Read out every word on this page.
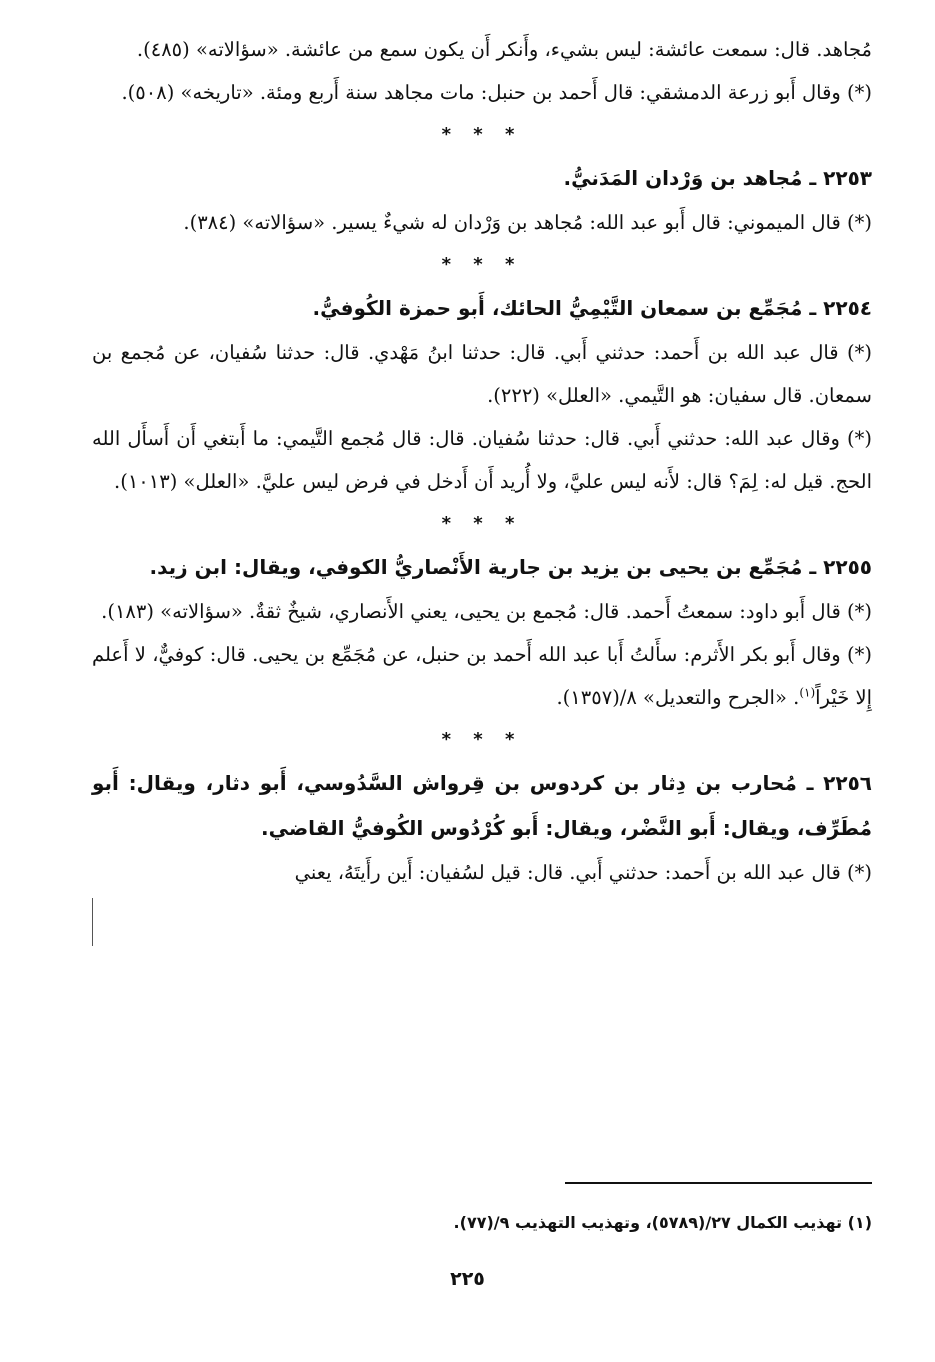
مُجاهد. قال: سمعت عائشة: ليس بشيء، وأَنكر أَن يكون سمع من عائشة. «سؤالاته» (٤٨٥).

(*) وقال أَبو زرعة الدمشقي: قال أَحمد بن حنبل: مات مجاهد سنة أَربع ومئة. «تاريخه» (٥٠٨).

* * *

٢٢٥٣ ـ مُجاهد بن وَرْدان المَدَنيُّ.

(*) قال الميموني: قال أَبو عبد الله: مُجاهد بن وَرْدان له شيءٌ يسير. «سؤالاته» (٣٨٤).

* * *

٢٢٥٤ ـ مُجَمِّع بن سمعان التَّيْمِيُّ الحائك، أَبو حمزة الكُوفيُّ.

(*) قال عبد الله بن أَحمد: حدثني أَبي. قال: حدثنا ابنُ مَهْدي. قال: حدثنا سُفيان، عن مُجمع بن سمعان. قال سفيان: هو التَّيمي. «العلل» (٢٢٢).

(*) وقال عبد الله: حدثني أَبي. قال: حدثنا سُفيان. قال: قال مُجمع التَّيمي: ما أَبتغي أَن أَسأَل الله الحج. قيل له: لِمَ؟ قال: لأَنه ليس عليَّ، ولا أُريد أَن أَدخل في فرض ليس عليَّ. «العلل» (١٠١٣).

* * *

٢٢٥٥ ـ مُجَمِّع بن يحيى بن يزيد بن جارية الأَنْصاريُّ الكوفي، ويقال: ابن زيد.

(*) قال أَبو داود: سمعتُ أَحمد. قال: مُجمع بن يحيى، يعني الأَنصاري، شيخٌ ثقةٌ. «سؤالاته» (١٨٣).

(*) وقال أَبو بكر الأَثرم: سأَلتُ أَبا عبد الله أَحمد بن حنبل، عن مُجَمِّع بن يحيى. قال: كوفيٌّ، لا أَعلم إِلا خَيْراً$^{(١)}$. «الجرح والتعديل» ٨/(١٣٥٧).

* * *

٢٢٥٦ ـ مُحارب بن دِثار بن كردوس بن قِرواش السَّدُوسي، أَبو دثار، ويقال: أَبو مُطَرِّف، ويقال: أَبو النَّضْر، ويقال: أَبو كُرْدُوس الكُوفيُّ القاضي.

(*) قال عبد الله بن أَحمد: حدثني أَبي. قال: قيل لسُفيان: أَين رأَيتَهُ، يعني

(١) تهذيب الكمال ٢٧/(٥٧٨٩)، وتهذيب التهذيب ٩/(٧٧).
٢٢٥
